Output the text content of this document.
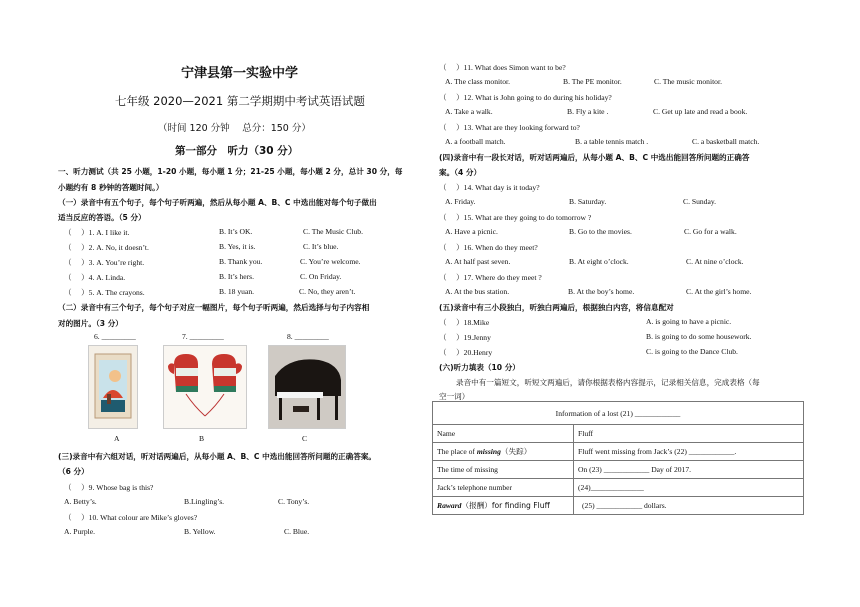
宁津县第一实验中学
七年级 2020—2021 第二学期期中考试英语试题
（时间 120 分钟　 总分：150 分）
第一部分　听力（30 分）
一、听力测试（共 25 小题，1-20 小题，每小题 1 分；21-25 小题，每小题 2 分，总计 30 分，每
小题约有 8 秒钟的答题时间。）
（一）录音中有五个句子，每个句子听两遍，然后从每小题 A、B、C 中选出能对每个句子做出
适当反应的答语。（5 分）
（　 ）1. A. I like it.	B. It’s OK.	C. The Music Club.
（　 ）2. A. No, it doesn’t.	B. Yes, it is.	C. It’s blue.
（　 ）3. A. You’re right.	B. Thank you.	C. You’re welcome.
（　 ）4. A. Linda.	B. It’s hers.	C. On Friday.
（　 ）5. A. The crayons.	B. 18 yuan.	C. No, they aren’t.
（二）录音中有三个句子，每个句子对应一幅图片，每个句子听两遍，然后选择与句子内容相
对的图片。（3 分）
6. _________	7. _________	8. _________
A	B	C
(三)录音中有六组对话，听对话两遍后，从每小题 A、B、C 中选出能回答所问题的正确答案。
（6 分）
（　 ）9. Whose bag is this?
A. Betty’s.	B.Lingling’s.	C. Tony’s.
（　 ）10. What colour are Mike’s gloves?
A. Purple.	B. Yellow.	C. Blue.
（　 ）11. What does Simon want to be?
A. The class monitor.	B. The PE monitor.	C. The music monitor.
（　 ）12. What is John going to do during his holiday?
A. Take a walk.	B. Fly a kite .	C. Get up late and read a book.
（　 ）13. What are they looking forward to?
A. a football match.	B. a table tennis match .	C. a basketball match.
(四)录音中有一段长对话，听对话两遍后，从每小题 A、B、C 中选出能回答所问题的正确答
案。（4 分）
（　 ）14. What day is it today?
A. Friday.	B. Saturday.	C. Sunday.
（　 ）15. What are they going to do tomorrow ?
A. Have a picnic.	B. Go to the movies.	C. Go for a walk.
（　 ）16. When do they meet?
A. At half past seven.	B. At eight o’clock.	C. At nine o’clock.
（　 ）17. Where do they meet ?
A. At the bus station.	B. At the boy’s home.	C. At the girl’s home.
(五)录音中有三小段独白，听独白两遍后，根据独白内容，将信息配对
（　 ）18.Mike	A. is going to have a picnic.
（　 ）19.Jenny	B. is going to do some housework.
（　 ）20.Henry	C. is going to the Dance Club.
(六)听力填表（10 分）
录音中有一篇短文，听短文两遍后，请你根据表格内容提示，记录相关信息，完成表格（每
空一词）
Information of a lost (21) ____________	
Name	Fluff
The place of missing（失踪）	Fluff went missing from Jack’s (22) ____________.
The time of missing	On (23) ____________ Day of 2017.
Jack’s telephone number	(24)______________
Raward（报酬）for finding Fluff	(25) ____________ dollars.
